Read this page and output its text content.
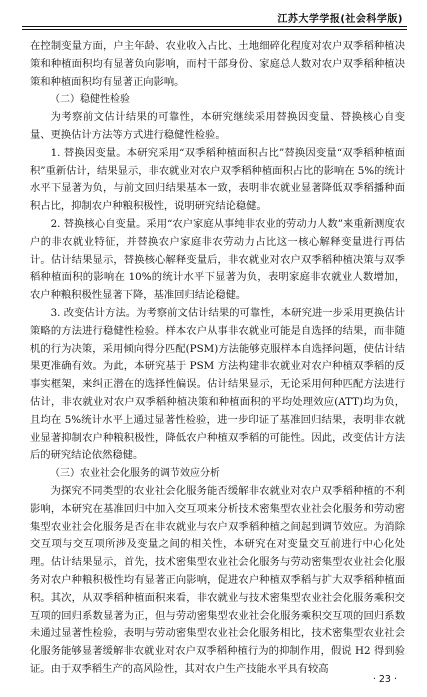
江苏大学学报(社会科学版)

在控制变量方面，户主年龄、农业收入占比、土地细碎化程度对农户双季稻种植决策和种植面积均有显著负向影响，而村干部身份、家庭总人数对农户双季稻种植决策和种植面积均有显著正向影响。

（二）稳健性检验

为考察前文估计结果的可靠性，本研究继续采用替换因变量、替换核心自变量、更换估计方法等方式进行稳健性检验。

1. 替换因变量。本研究采用“双季稻种植面积占比”替换因变量“双季稻种植面积”重新估计，结果显示，非农就业对农户双季稻种植面积占比的影响在 5%的统计水平下显著为负，与前文回归结果基本一致，表明非农就业显著降低双季稻播种面积占比，抑制农户种粮积极性，说明研究结论稳健。

2. 替换核心自变量。采用“农户家庭从事纯非农业的劳动力人数”来重新测度农户的非农就业特征，并替换农户家庭非农劳动力占比这一核心解释变量进行再估计。估计结果显示，替换核心解释变量后，非农就业对农户双季稻种植决策与双季稻种植面积的影响在 10%的统计水平下显著为负，表明家庭非农就业人数增加，农户种粮积极性显著下降，基准回归结论稳健。

3. 改变估计方法。为考察前文估计结果的可靠性，本研究进一步采用更换估计策略的方法进行稳健性检验。样本农户从事非农就业可能是自选择的结果，而非随机的行为决策，采用倾向得分匹配(PSM)方法能够克服样本自选择问题，使估计结果更准确有效。为此，本研究基于 PSM 方法构建非农就业对农户种植双季稻的反事实框架，来纠正潜在的选择性偏误。估计结果显示，无论采用何种匹配方法进行估计，非农就业对农户双季稻种植决策和种植面积的平均处理效应(ATT)均为负，且均在 5%统计水平上通过显著性检验，进一步印证了基准回归结果，表明非农就业显著抑制农户种粮积极性，降低农户种植双季稻的可能性。因此，改变估计方法后的研究结论依然稳健。

（三）农业社会化服务的调节效应分析

为探究不同类型的农业社会化服务能否缓解非农就业对农户双季稻种植的不利影响，本研究在基准回归中加入交互项来分析技术密集型农业社会化服务和劳动密集型农业社会化服务是否在非农就业与农户双季稻种植之间起到调节效应。为消除交互项与交互项所涉及变量之间的相关性，本研究在对变量交互前进行中心化处理。估计结果显示，首先，技术密集型农业社会化服务与劳动密集型农业社会化服务对农户种粮积极性均有显著正向影响，促进农户种植双季稻与扩大双季稻种植面积。其次，从双季稻种植面积来看，非农就业与技术密集型农业社会化服务乘积交互项的回归系数显著为正，但与劳动密集型农业社会化服务乘积交互项的回归系数未通过显著性检验，表明与劳动密集型农业社会化服务相比，技术密集型农业社会化服务能够显著缓解非农就业对农户双季稻种植行为的抑制作用，假说 H2 得到验证。由于双季稻生产的高风险性，其对农户生产技能水平具有较高

· 23 ·
